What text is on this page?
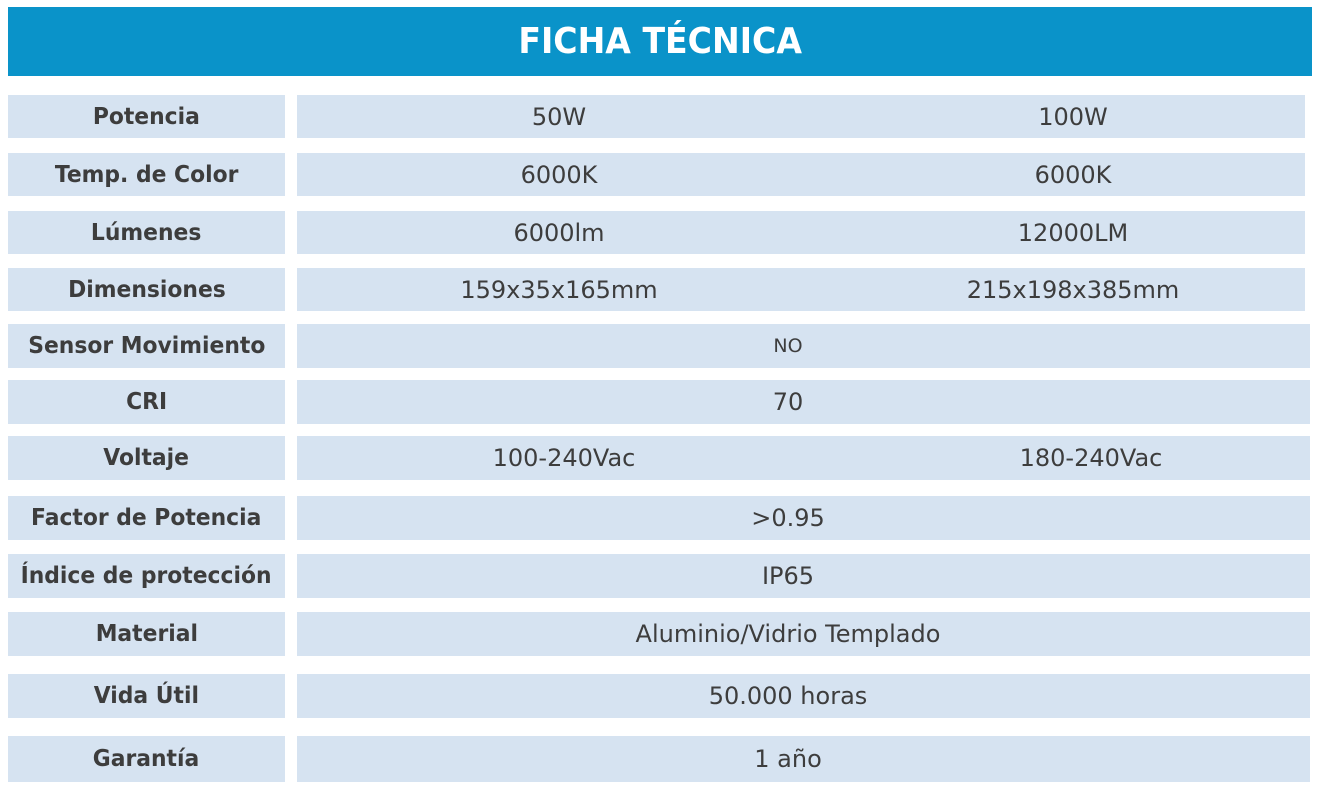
FICHA TÉCNICA
Potencia	50W	100W
Temp. de Color	6000K	6000K
Lúmenes	6000lm	12000LM
Dimensiones	159x35x165mm	215x198x385mm
Sensor Movimiento	NO
CRI	70
Voltaje	100-240Vac	180-240Vac
Factor de Potencia	>0.95
Índice de protección	IP65
Material	Aluminio/Vidrio Templado
Vida Útil	50.000 horas
Garantía	1 año
